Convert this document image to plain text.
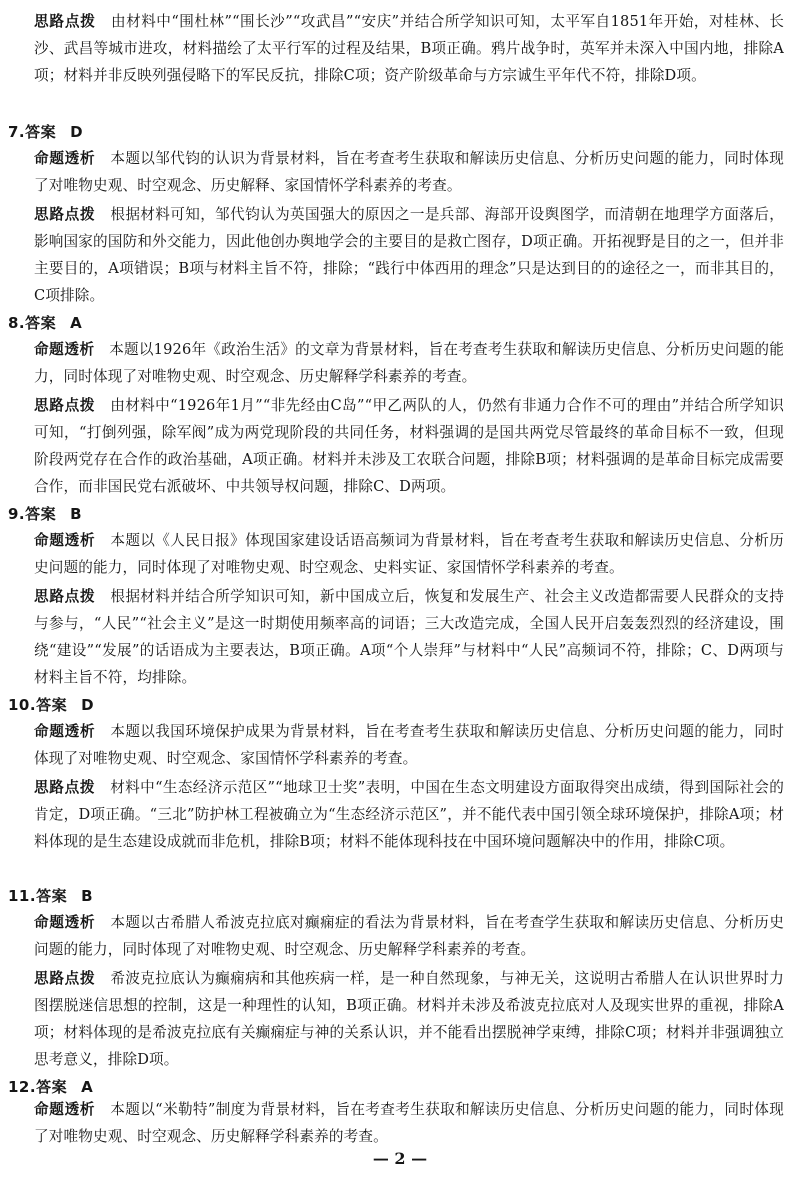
思路点拨 由材料中“围杜林”“围长沙”“攻武昌”“安庆”并结合所学知识可知，太平军自1851年开始，对桂林、长沙、武昌等城市进攻，材料描绘了太平行军的过程及结果，B项正确。鸦片战争时，英军并未深入中国内地，排除A项；材料并非反映列强侵略下的军民反抗，排除C项；资产阶级革命与方宗诚生平年代不符，排除D项。
7.答案 D
命题透析 本题以邹代钧的认识为背景材料，旨在考查考生获取和解读历史信息、分析历史问题的能力，同时体现了对唯物史观、时空观念、历史解释、家国情怀学科素养的考查。
思路点拨 根据材料可知，邹代钧认为英国强大的原因之一是兵部、海部开设舆图学，而清朝在地理学方面落后，影响国家的国防和外交能力，因此他创办舆地学会的主要目的是救亡图存，D项正确。开拓视野是目的之一，但并非主要目的，A项错误；B项与材料主旨不符，排除；“践行中体西用的理念”只是达到目的的途径之一，而非其目的，C项排除。
8.答案 A
命题透析 本题以1926年《政治生活》的文章为背景材料，旨在考查考生获取和解读历史信息、分析历史问题的能力，同时体现了对唯物史观、时空观念、历史解释学科素养的考查。
思路点拨 由材料中“1926年1月”“非先经由C岛”“甲乙两队的人，仍然有非通力合作不可的理由”并结合所学知识可知，“打倒列强，除军阀”成为两党现阶段的共同任务，材料强调的是国共两党尽管最终的革命目标不一致，但现阶段两党存在合作的政治基础，A项正确。材料并未涉及工农联合问题，排除B项；材料强调的是革命目标完成需要合作，而非国民党右派破坏、中共领导权问题，排除C、D两项。
9.答案 B
命题透析 本题以《人民日报》体现国家建设话语高频词为背景材料，旨在考查考生获取和解读历史信息、分析历史问题的能力，同时体现了对唯物史观、时空观念、史料实证、家国情怀学科素养的考查。
思路点拨 根据材料并结合所学知识可知，新中国成立后，恢复和发展生产、社会主义改造都需要人民群众的支持与参与，“人民”“社会主义”是这一时期使用频率高的词语；三大改造完成，全国人民开启轰轰烈烈的经济建设，围绕“建设”“发展”的话语成为主要表达，B项正确。A项“个人崇拜”与材料中“人民”高频词不符，排除；C、D两项与材料主旨不符，均排除。
10.答案 D
命题透析 本题以我国环境保护成果为背景材料，旨在考查考生获取和解读历史信息、分析历史问题的能力，同时体现了对唯物史观、时空观念、家国情怀学科素养的考查。
思路点拨 材料中“生态经济示范区”“地球卫士奖”表明，中国在生态文明建设方面取得突出成绩，得到国际社会的肯定，D项正确。“三北”防护林工程被确立为“生态经济示范区”，并不能代表中国引领全球环境保护，排除A项；材料体现的是生态建设成就而非危机，排除B项；材料不能体现科技在中国环境问题解决中的作用，排除C项。
11.答案 B
命题透析 本题以古希腊人希波克拉底对癫痫症的看法为背景材料，旨在考查学生获取和解读历史信息、分析历史问题的能力，同时体现了对唯物史观、时空观念、历史解释学科素养的考查。
思路点拨 希波克拉底认为癫痫病和其他疾病一样，是一种自然现象，与神无关，这说明古希腊人在认识世界时力图摆脱迷信思想的控制，这是一种理性的认知，B项正确。材料并未涉及希波克拉底对人及现实世界的重视，排除A项；材料体现的是希波克拉底有关癫痫症与神的关系认识，并不能看出摆脱神学束缚，排除C项；材料并非强调独立思考意义，排除D项。
12.答案 A
命题透析 本题以“米勒特”制度为背景材料，旨在考查考生获取和解读历史信息、分析历史问题的能力，同时体现了对唯物史观、时空观念、历史解释学科素养的考查。
— 2 —
